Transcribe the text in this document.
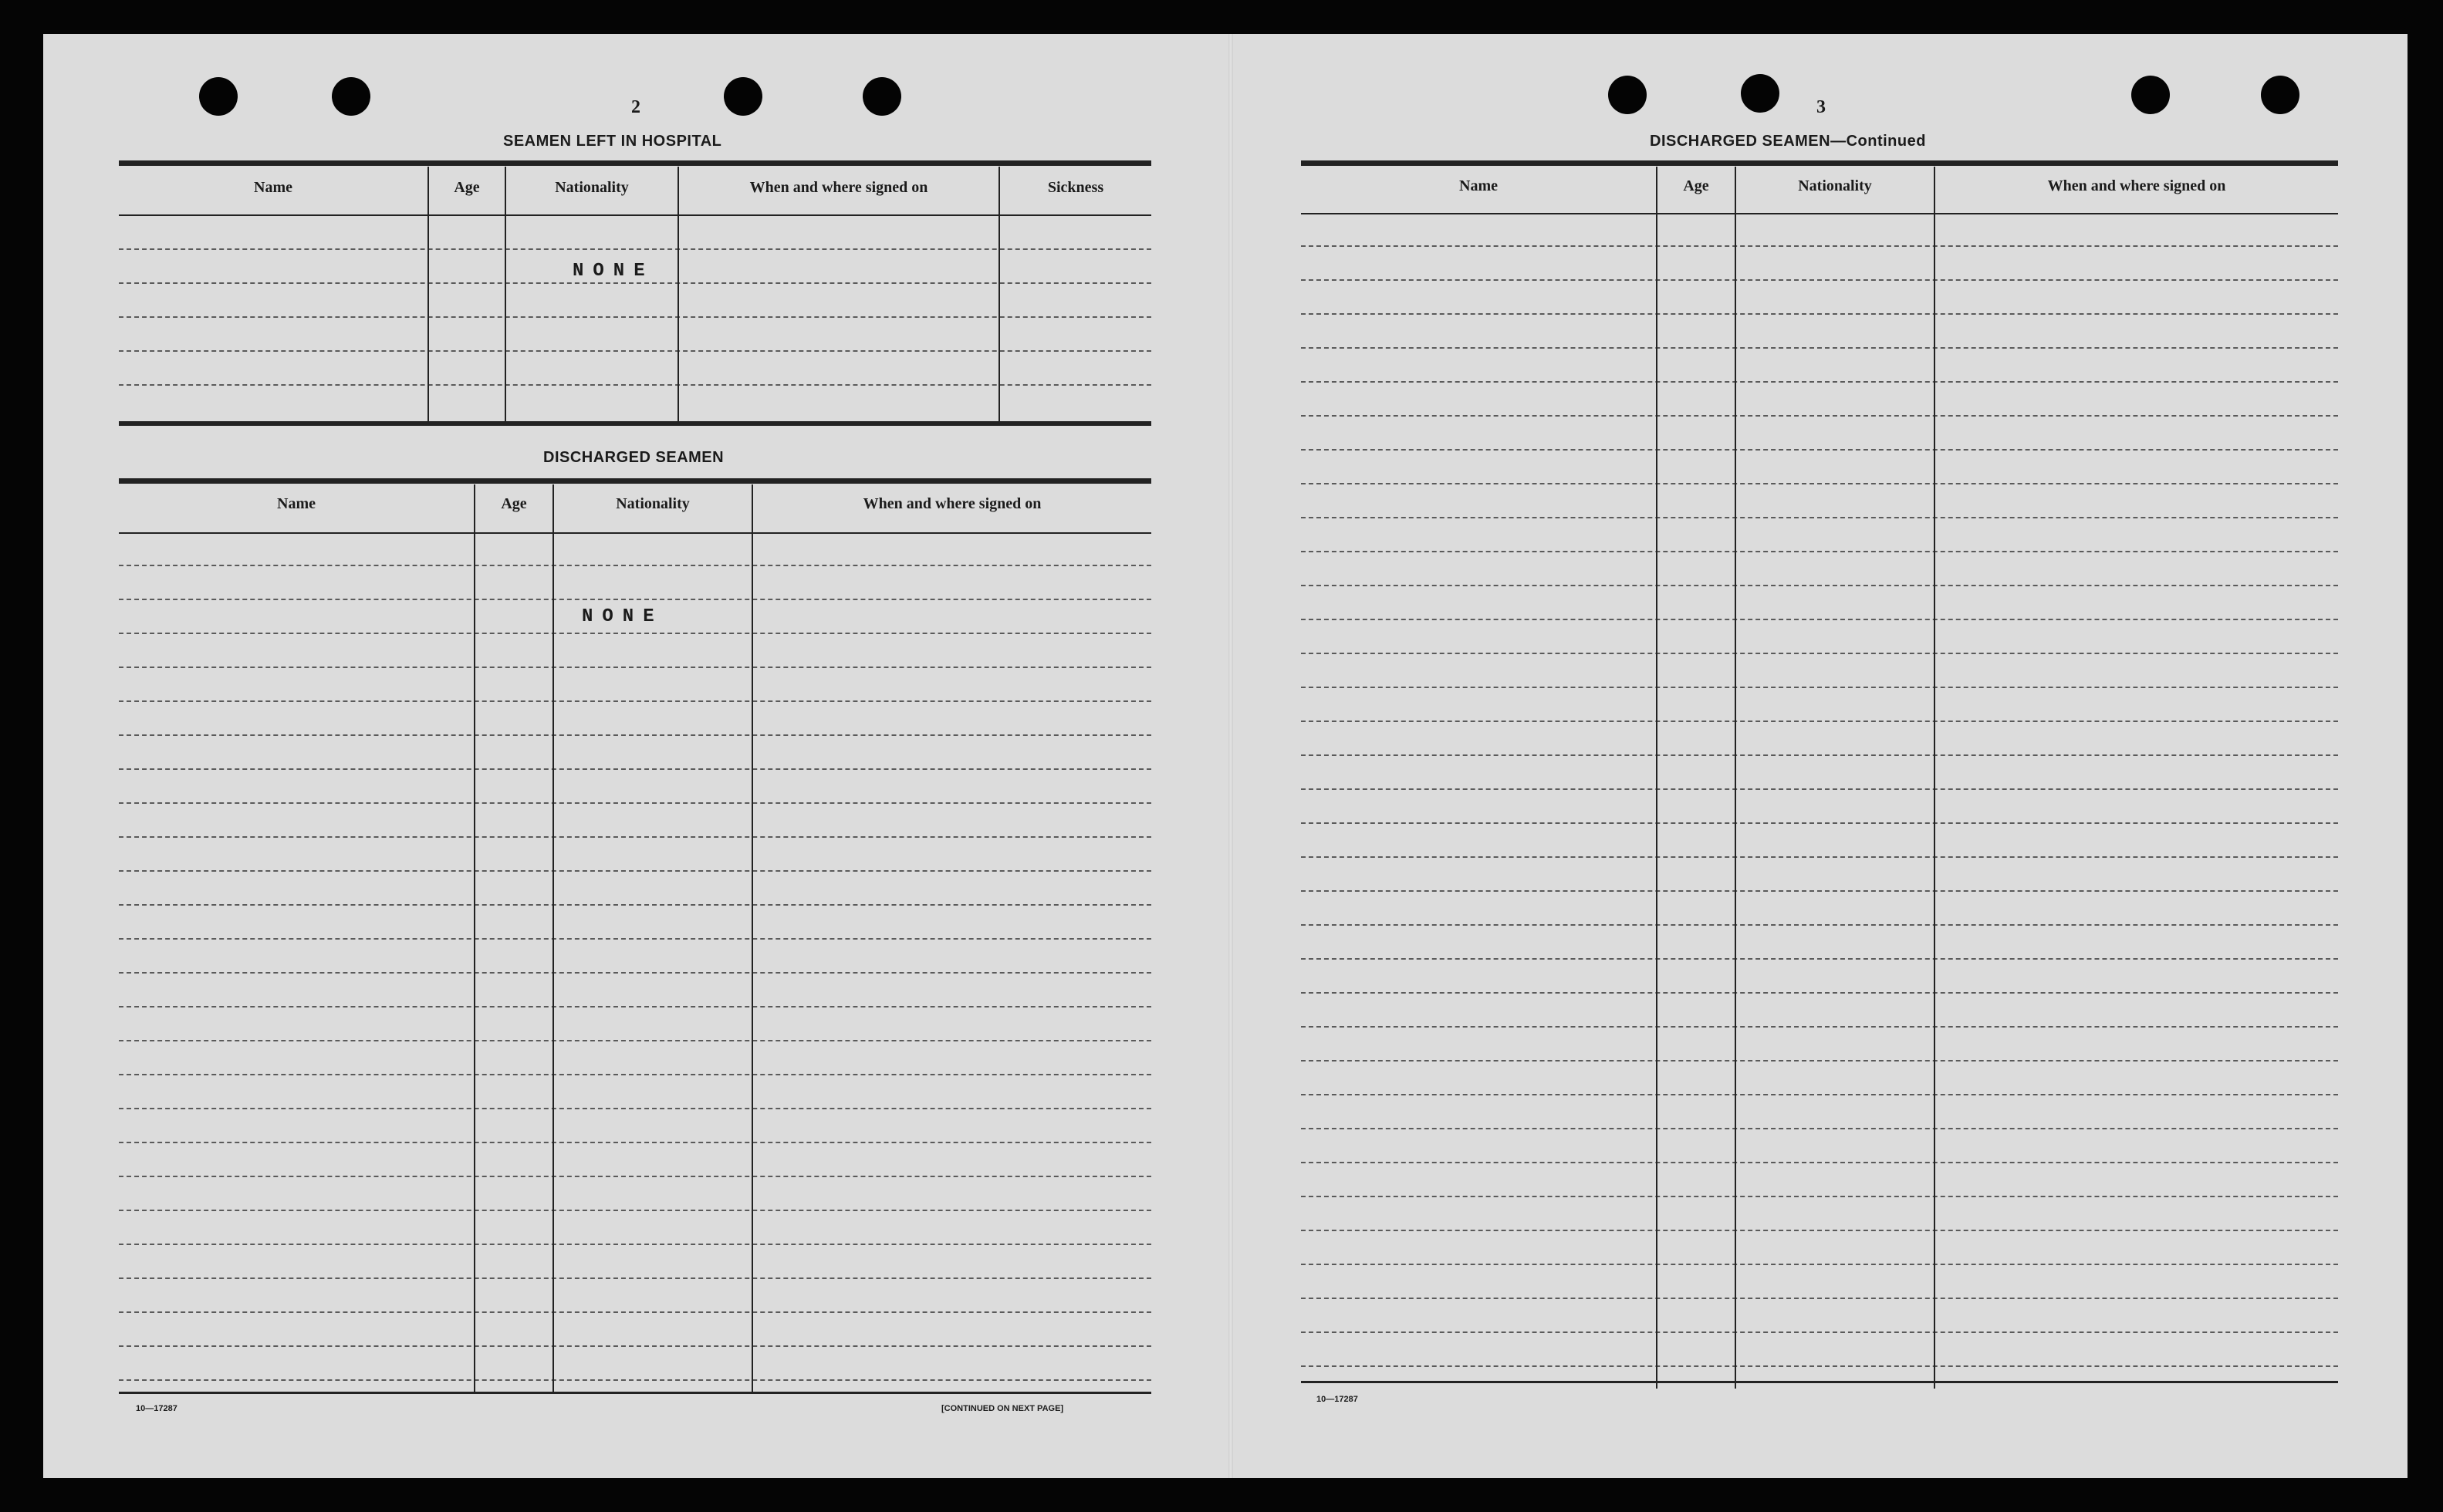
2
SEAMEN LEFT IN HOSPITAL
Name	Age	Nationality	When and where signed on	Sickness
NONE
DISCHARGED SEAMEN
Name	Age	Nationality	When and where signed on
NONE
10—17287	[CONTINUED ON NEXT PAGE]
3
DISCHARGED SEAMEN—Continued
Name	Age	Nationality	When and where signed on
10—17287
